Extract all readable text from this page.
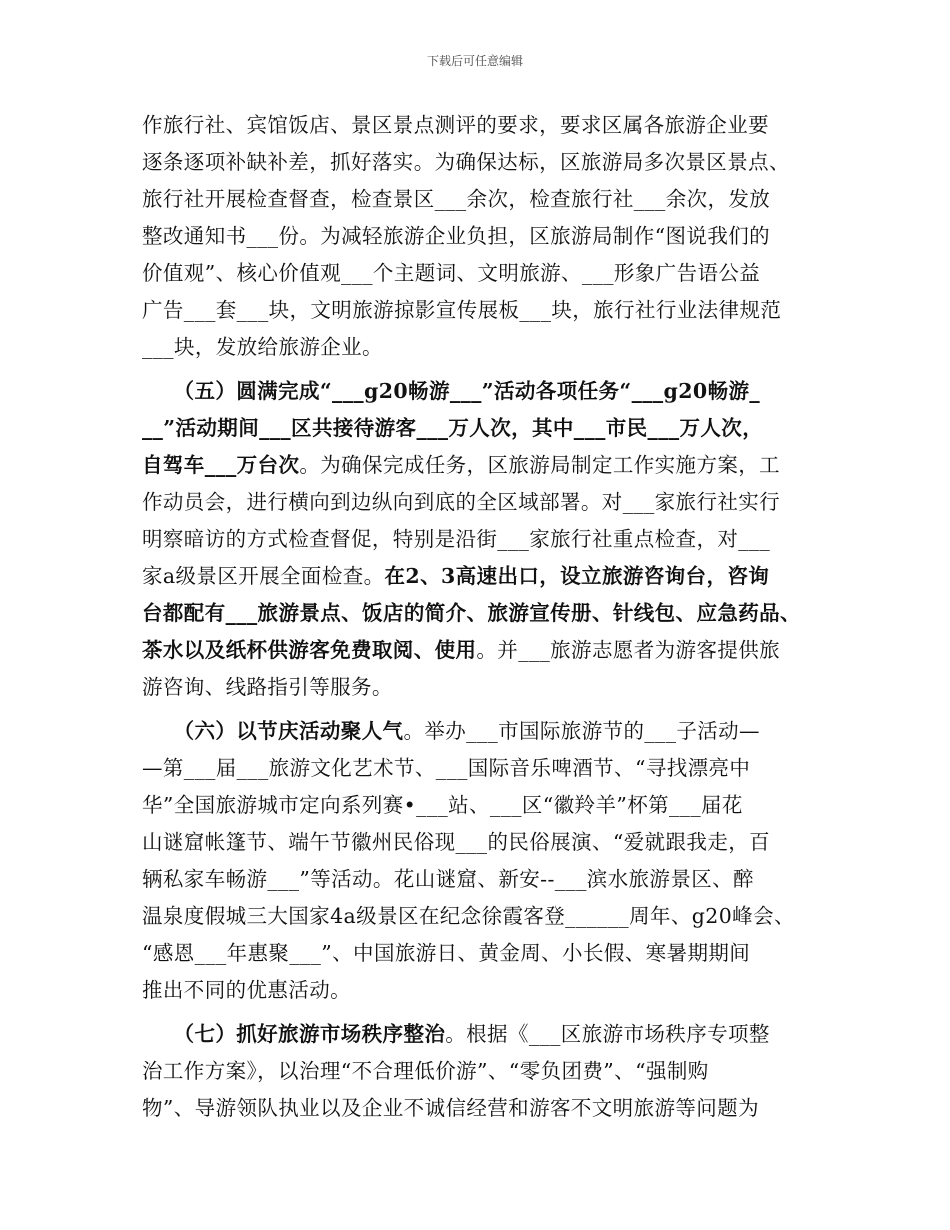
下载后可任意编辑
作旅行社、宾馆饭店、景区景点测评的要求，要求区属各旅游企业要
逐条逐项补缺补差，抓好落实。为确保达标，区旅游局多次景区景点、
旅行社开展检查督查，检查景区___余次，检查旅行社___余次，发放
整改通知书___份。为减轻旅游企业负担，区旅游局制作“图说我们的
价值观”、核心价值观___个主题词、文明旅游、___形象广告语公益
广告___套___块，文明旅游掠影宣传展板___块，旅行社行业法律规范
___块，发放给旅游企业。
　　（五）圆满完成“___g20畅游___”活动各项任务“___g20畅游_
__”活动期间___区共接待游客___万人次，其中___市民___万人次，
自驾车___万台次。为确保完成任务，区旅游局制定工作实施方案，工
作动员会，进行横向到边纵向到底的全区域部署。对___家旅行社实行
明察暗访的方式检查督促，特别是沿街___家旅行社重点检查，对___
家a级景区开展全面检查。在2、3高速出口，设立旅游咨询台，咨询
台都配有___旅游景点、饭店的简介、旅游宣传册、针线包、应急药品、
茶水以及纸杯供游客免费取阅、使用。并___旅游志愿者为游客提供旅
游咨询、线路指引等服务。
　　（六）以节庆活动聚人气。举办___市国际旅游节的___子活动—
—第___届___旅游文化艺术节、___国际音乐啤酒节、“寻找漂亮中
华”全国旅游城市定向系列赛•___站、___区“徽羚羊”杯第___届花
山谜窟帐篷节、端午节徽州民俗现___的民俗展演、“爱就跟我走，百
辆私家车畅游___”等活动。花山谜窟、新安--___滨水旅游景区、醉
温泉度假城三大国家4a级景区在纪念徐霞客登______周年、g20峰会、
“感恩___年惠聚___”、中国旅游日、黄金周、小长假、寒暑期期间
推出不同的优惠活动。
　　（七）抓好旅游市场秩序整治。根据《___区旅游市场秩序专项整
治工作方案》，以治理“不合理低价游”、“零负团费”、“强制购
物”、导游领队执业以及企业不诚信经营和游客不文明旅游等问题为
